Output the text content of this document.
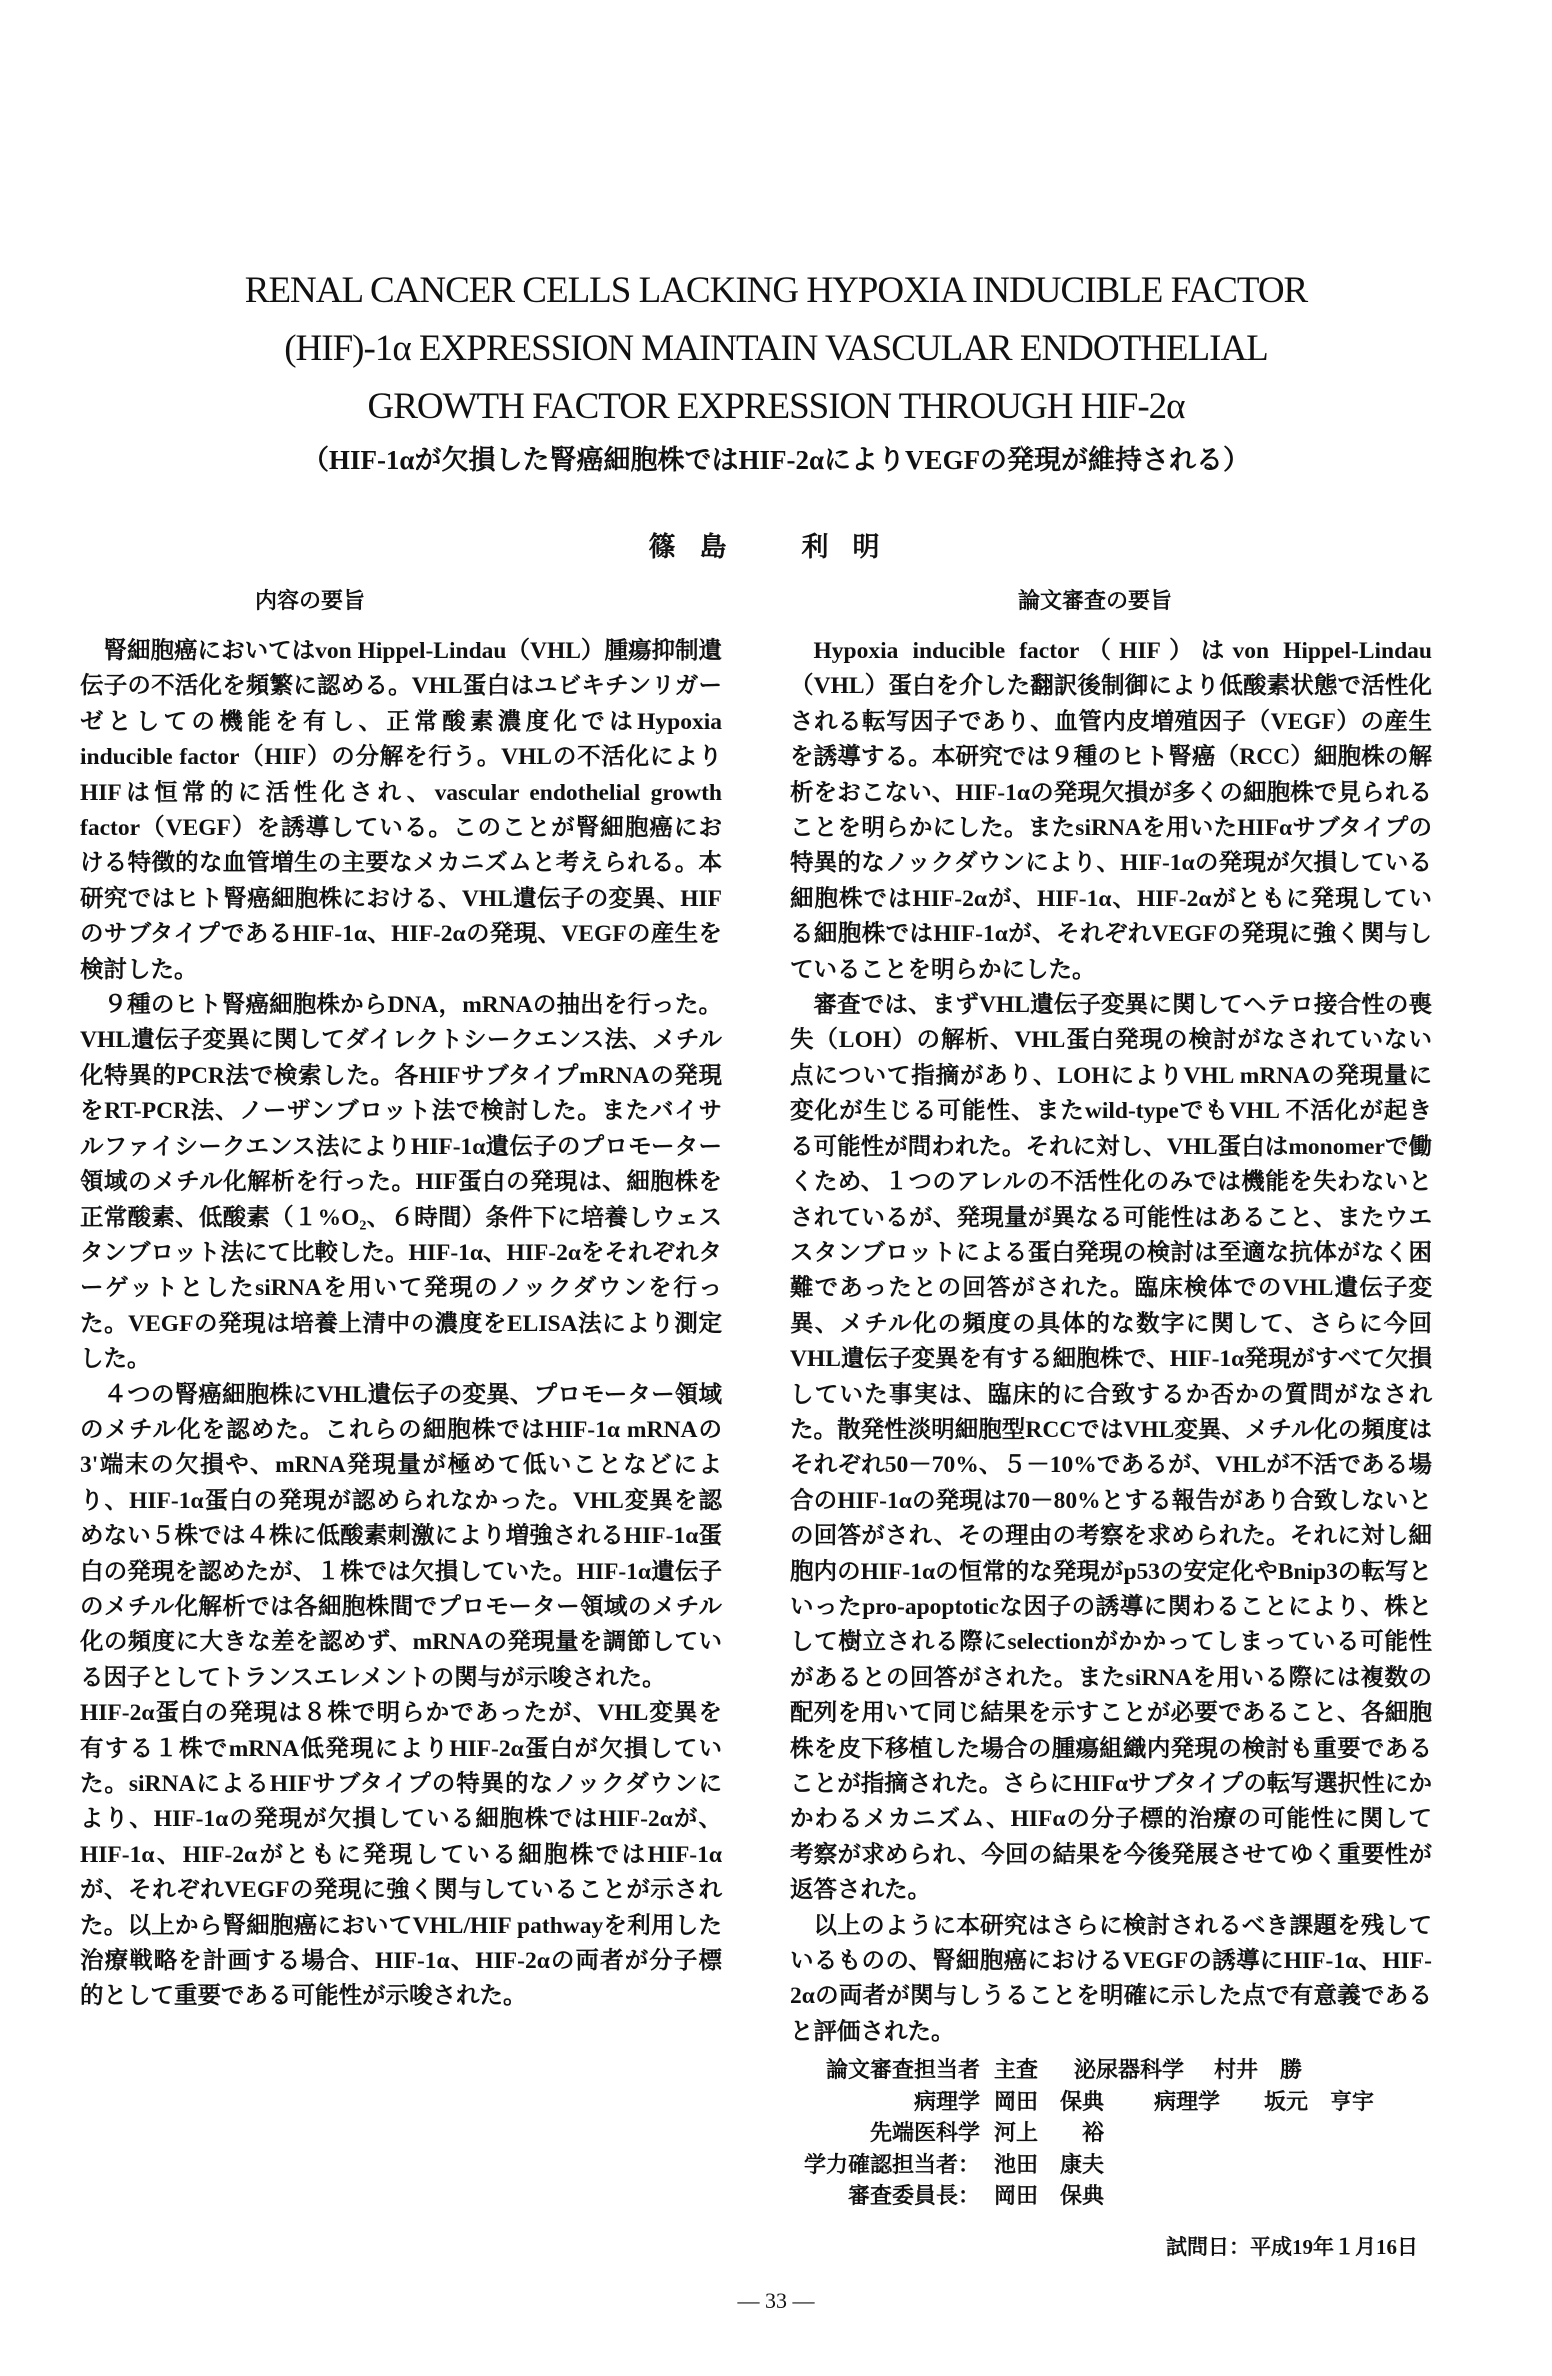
RENAL CANCER CELLS LACKING HYPOXIA INDUCIBLE FACTOR
(HIF)-1α EXPRESSION MAINTAIN VASCULAR ENDOTHELIAL
GROWTH FACTOR EXPRESSION THROUGH HIF-2α
（HIF-1αが欠損した腎癌細胞株ではHIF-2αによりVEGFの発現が維持される）
篠島　利明
内容の要旨

腎細胞癌においてはvon Hippel-Lindau（VHL）腫瘍抑制遺伝子の不活化を頻繁に認める。VHL蛋白はユビキチンリガーゼとしての機能を有し、正常酸素濃度化ではHypoxia inducible factor（HIF）の分解を行う。VHLの不活化によりHIFは恒常的に活性化され、vascular endothelial growth factor（VEGF）を誘導している。このことが腎細胞癌における特徴的な血管増生の主要なメカニズムと考えられる。本研究ではヒト腎癌細胞株における、VHL遺伝子の変異、HIFのサブタイプであるHIF-1α、HIF-2αの発現、VEGFの産生を検討した。

９種のヒト腎癌細胞株からDNA，mRNAの抽出を行った。VHL遺伝子変異に関してダイレクトシークエンス法、メチル化特異的PCR法で検索した。各HIFサブタイプmRNAの発現をRT-PCR法、ノーザンブロット法で検討した。またバイサルファイシークエンス法によりHIF-1α遺伝子のプロモーター領域のメチル化解析を行った。HIF蛋白の発現は、細胞株を正常酸素、低酸素（１%O₂、６時間）条件下に培養しウェスタンブロット法にて比較した。HIF-1α、HIF-2αをそれぞれターゲットとしたsiRNAを用いて発現のノックダウンを行った。VEGFの発現は培養上清中の濃度をELISA法により測定した。

４つの腎癌細胞株にVHL遺伝子の変異、プロモーター領域のメチル化を認めた。これらの細胞株ではHIF-1α mRNAの3'端末の欠損や、mRNA発現量が極めて低いことなどにより、HIF-1α蛋白の発現が認められなかった。VHL変異を認めない５株では４株に低酸素刺激により増強されるHIF-1α蛋白の発現を認めたが、１株では欠損していた。HIF-1α遺伝子のメチル化解析では各細胞株間でプロモーター領域のメチル化の頻度に大きな差を認めず、mRNAの発現量を調節している因子としてトランスエレメントの関与が示唆された。

HIF-2α蛋白の発現は８株で明らかであったが、VHL変異を有する１株でmRNA低発現によりHIF-2α蛋白が欠損していた。siRNAによるHIFサブタイプの特異的なノックダウンにより、HIF-1αの発現が欠損している細胞株ではHIF-2αが、HIF-1α、HIF-2αがともに発現している細胞株ではHIF-1αが、それぞれVEGFの発現に強く関与していることが示された。以上から腎細胞癌においてVHL/HIF pathwayを利用した治療戦略を計画する場合、HIF-1α、HIF-2αの両者が分子標的として重要である可能性が示唆された。

論文審査の要旨

Hypoxia inducible factor（HIF）はvon Hippel-Lindau（VHL）蛋白を介した翻訳後制御により低酸素状態で活性化される転写因子であり、血管内皮増殖因子（VEGF）の産生を誘導する。本研究では９種のヒト腎癌（RCC）細胞株の解析をおこない、HIF-1αの発現欠損が多くの細胞株で見られることを明らかにした。またsiRNAを用いたHIFαサブタイプの特異的なノックダウンにより、HIF-1αの発現が欠損している細胞株ではHIF-2αが、HIF-1α、HIF-2αがともに発現している細胞株ではHIF-1αが、それぞれVEGFの発現に強く関与していることを明らかにした。

審査では、まずVHL遺伝子変異に関してヘテロ接合性の喪失（LOH）の解析、VHL蛋白発現の検討がなされていない点について指摘があり、LOHによりVHL mRNAの発現量に変化が生じる可能性、またwild-typeでもVHL 不活化が起きる可能性が問われた。それに対し、VHL蛋白はmonomerで働くため、１つのアレルの不活性化のみでは機能を失わないとされているが、発現量が異なる可能性はあること、またウエスタンブロットによる蛋白発現の検討は至適な抗体がなく困難であったとの回答がされた。臨床検体でのVHL遺伝子変異、メチル化の頻度の具体的な数字に関して、さらに今回VHL遺伝子変異を有する細胞株で、HIF-1α発現がすべて欠損していた事実は、臨床的に合致するか否かの質問がなされた。散発性淡明細胞型RCCではVHL変異、メチル化の頻度はそれぞれ50－70%、５－10%であるが、VHLが不活である場合のHIF-1αの発現は70－80%とする報告があり合致しないとの回答がされ、その理由の考察を求められた。それに対し細胞内のHIF-1αの恒常的な発現がp53の安定化やBnip3の転写といったpro-apoptoticな因子の誘導に関わることにより、株として樹立される際にselectionがかかってしまっている可能性があるとの回答がされた。またsiRNAを用いる際には複数の配列を用いて同じ結果を示すことが必要であること、各細胞株を皮下移植した場合の腫瘍組織内発現の検討も重要であることが指摘された。さらにHIFαサブタイプの転写選択性にかかわるメカニズム、HIFαの分子標的治療の可能性に関して考察が求められ、今回の結果を今後発展させてゆく重要性が返答された。

以上のように本研究はさらに検討されるべき課題を残しているものの、腎細胞癌におけるVEGFの誘導にHIF-1α、HIF-2αの両者が関与しうることを明確に示した点で有意義であると評価された。

論文審査担当者 主査	泌尿器科学	村井　勝
病理学 岡田　保典	病理学	坂元　亨宇
先端医科学 河上　　裕
学力確認担当者： 池田　康夫
審査委員長： 岡田　保典
試問日：平成19年１月16日
— 33 —
